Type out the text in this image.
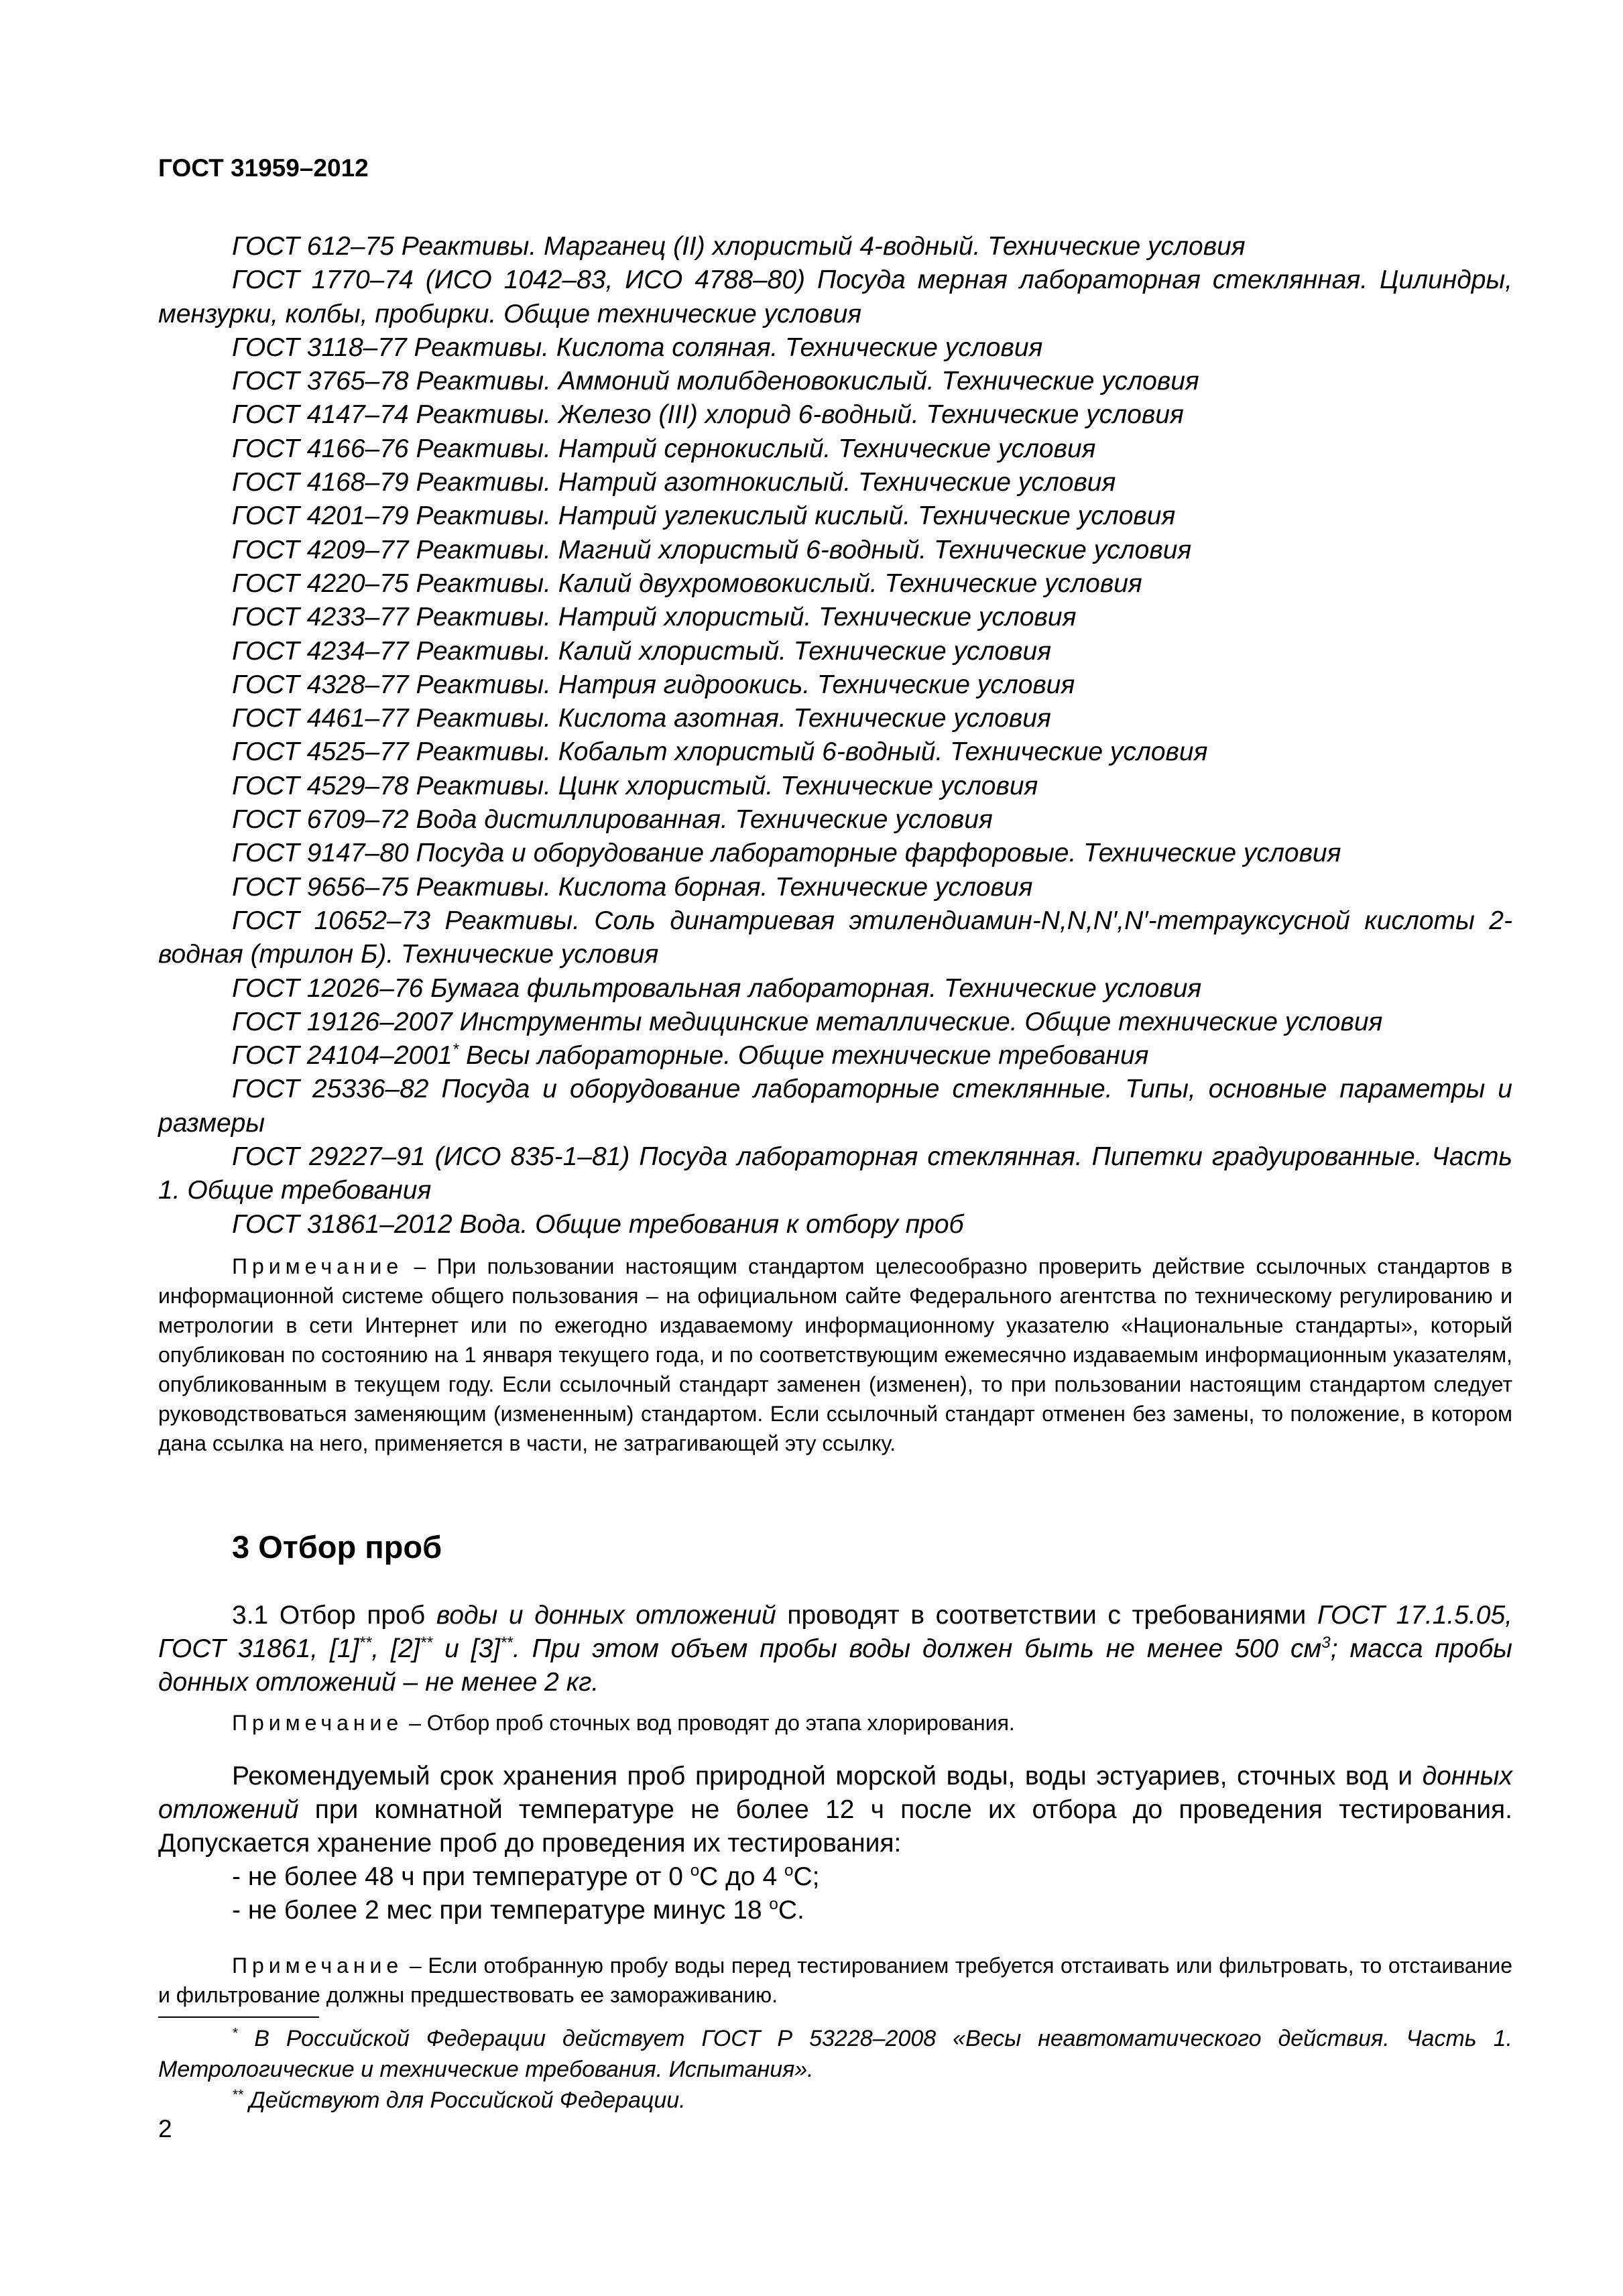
ГОСТ 31959–2012
ГОСТ 612–75 Реактивы. Марганец (II) хлористый 4-водный. Технические условия
ГОСТ 1770–74 (ИСО 1042–83, ИСО 4788–80) Посуда мерная лабораторная стеклянная. Цилиндры, мензурки, колбы, пробирки. Общие технические условия
ГОСТ 3118–77 Реактивы. Кислота соляная. Технические условия
ГОСТ 3765–78 Реактивы. Аммоний молибденовокислый. Технические условия
ГОСТ 4147–74 Реактивы. Железо (III) хлорид 6-водный. Технические условия
ГОСТ 4166–76 Реактивы. Натрий сернокислый. Технические условия
ГОСТ 4168–79 Реактивы. Натрий азотнокислый. Технические условия
ГОСТ 4201–79 Реактивы. Натрий углекислый кислый. Технические условия
ГОСТ 4209–77 Реактивы. Магний хлористый 6-водный. Технические условия
ГОСТ 4220–75 Реактивы. Калий двухромовокислый. Технические условия
ГОСТ 4233–77 Реактивы. Натрий хлористый. Технические условия
ГОСТ 4234–77 Реактивы. Калий хлористый. Технические условия
ГОСТ 4328–77 Реактивы. Натрия гидроокись. Технические условия
ГОСТ 4461–77 Реактивы. Кислота азотная. Технические условия
ГОСТ 4525–77 Реактивы. Кобальт хлористый 6-водный. Технические условия
ГОСТ 4529–78 Реактивы. Цинк хлористый. Технические условия
ГОСТ 6709–72 Вода дистиллированная. Технические условия
ГОСТ 9147–80 Посуда и оборудование лабораторные фарфоровые. Технические условия
ГОСТ 9656–75 Реактивы. Кислота борная. Технические условия
ГОСТ 10652–73 Реактивы. Соль динатриевая этилендиамин-N,N,N′,N′-тетрауксусной кислоты 2-водная (трилон Б). Технические условия
ГОСТ 12026–76 Бумага фильтровальная лабораторная. Технические условия
ГОСТ 19126–2007 Инструменты медицинские металлические. Общие технические условия
ГОСТ 24104–2001* Весы лабораторные. Общие технические требования
ГОСТ 25336–82 Посуда и оборудование лабораторные стеклянные. Типы, основные параметры и размеры
ГОСТ 29227–91 (ИСО 835-1–81) Посуда лабораторная стеклянная. Пипетки градуированные. Часть 1. Общие требования
ГОСТ 31861–2012 Вода. Общие требования к отбору проб
Примечание – При пользовании настоящим стандартом целесообразно проверить действие ссылочных стандартов в информационной системе общего пользования – на официальном сайте Федерального агентства по техническому регулированию и метрологии в сети Интернет или по ежегодно издаваемому информационному указателю «Национальные стандарты», который опубликован по состоянию на 1 января текущего года, и по соответствующим ежемесячно издаваемым информационным указателям, опубликованным в текущем году. Если ссылочный стандарт заменен (изменен), то при пользовании настоящим стандартом следует руководствоваться заменяющим (измененным) стандартом. Если ссылочный стандарт отменен без замены, то положение, в котором дана ссылка на него, применяется в части, не затрагивающей эту ссылку.
3 Отбор проб
3.1 Отбор проб воды и донных отложений проводят в соответствии с требованиями ГОСТ 17.1.5.05, ГОСТ 31861, [1]**, [2]** и [3]**. При этом объем пробы воды должен быть не менее 500 $см^3$; масса пробы донных отложений – не менее 2 кг.
Примечание – Отбор проб сточных вод проводят до этапа хлорирования.
Рекомендуемый срок хранения проб природной морской воды, воды эстуариев, сточных вод и донных отложений при комнатной температуре не более 12 ч после их отбора до проведения тестирования. Допускается хранение проб до проведения их тестирования:
- не более 48 ч при температуре от 0 $^о$С до 4 $^о$С;
- не более 2 мес при температуре минус 18 $^о$С.
Примечание – Если отобранную пробу воды перед тестированием требуется отстаивать или фильтровать, то отстаивание и фильтрование должны предшествовать ее замораживанию.
* В Российской Федерации действует ГОСТ Р 53228–2008 «Весы неавтоматического действия. Часть 1. Метрологические и технические требования. Испытания».
** Действуют для Российской Федерации.
2
